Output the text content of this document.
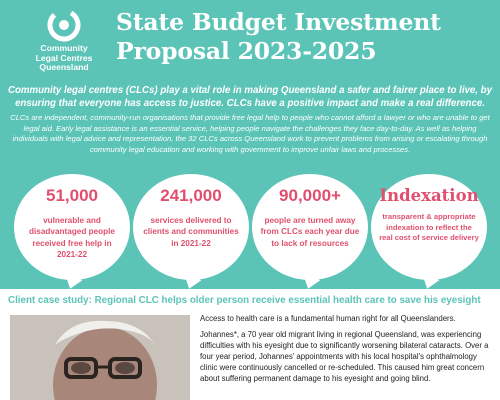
Community
Legal Centres
Queensland
State Budget Investment
Proposal 2023-2025
Community legal centres (CLCs) play a vital role in making Queensland a safer and fairer place to live, by ensuring that everyone has access to justice. CLCs have a positive impact and make a real difference.
CLCs are independent, community-run organisations that provide free legal help to people who cannot afford a lawyer or who are unable to get legal aid. Early legal assistance is an essential service, helping people navigate the challenges they face day-to-day. As well as helping individuals with legal advice and representation, the 32 CLCs across Queensland work to prevent problems from arising or escalating through community legal education and working with government to improve unfair laws and processes.
51,000
vulnerable and disadvantaged people received free help in 2021-22
241,000
services delivered to clients and communities in 2021-22
90,000+
people are turned away from CLCs each year due to lack of resources
Indexation
transparent & appropriate indexation to reflect the real cost of service delivery
Client case study: Regional CLC helps older person receive essential health care to save his eyesight

Access to health care is a fundamental human right for all Queenslanders.

Johannes*, a 70 year old migrant living in regional Queensland, was experiencing difficulties with his eyesight due to significantly worsening bilateral cataracts. Over a four year period, Johannes' appointments with his local hospital's ophthalmology clinic were continuously cancelled or re-scheduled. This caused him great concern about suffering permanent damage to his eyesight and going blind.
